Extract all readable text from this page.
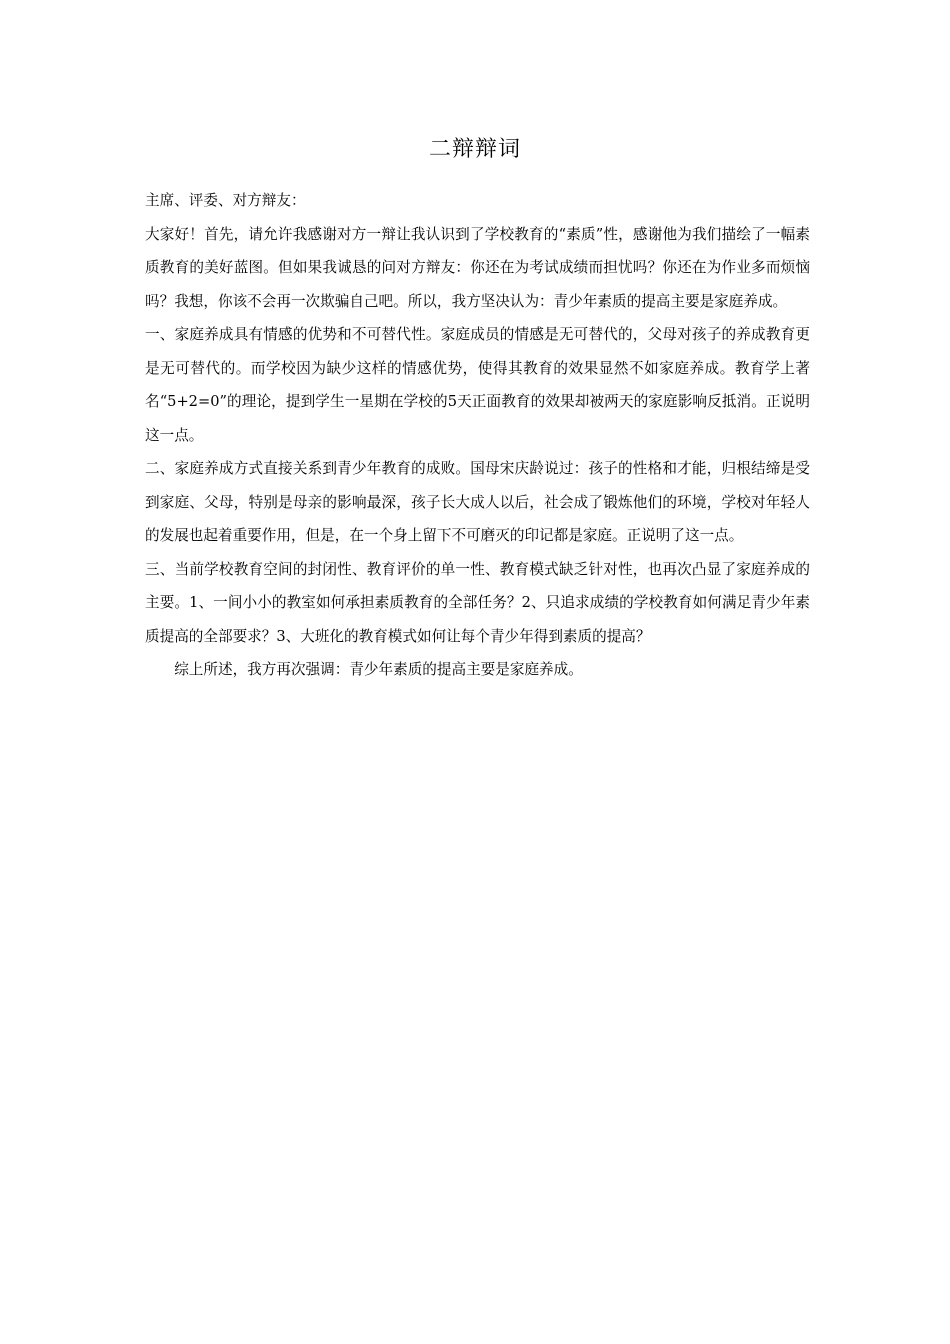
二辩辩词

主席、评委、对方辩友：

大家好！首先，请允许我感谢对方一辩让我认识到了学校教育的“素质”性，感谢他为我们描绘了一幅素质教育的美好蓝图。但如果我诚恳的问对方辩友：你还在为考试成绩而担忧吗？你还在为作业多而烦恼吗？我想，你该不会再一次欺骗自己吧。所以，我方坚决认为：青少年素质的提高主要是家庭养成。

一、家庭养成具有情感的优势和不可替代性。家庭成员的情感是无可替代的，父母对孩子的养成教育更是无可替代的。而学校因为缺少这样的情感优势，使得其教育的效果显然不如家庭养成。教育学上著名“5+2=0”的理论，提到学生一星期在学校的5天正面教育的效果却被两天的家庭影响反抵消。正说明这一点。

二、家庭养成方式直接关系到青少年教育的成败。国母宋庆龄说过：孩子的性格和才能，归根结缔是受到家庭、父母，特别是母亲的影响最深，孩子长大成人以后，社会成了锻炼他们的环境，学校对年轻人的发展也起着重要作用，但是，在一个身上留下不可磨灭的印记都是家庭。正说明了这一点。

三、当前学校教育空间的封闭性、教育评价的单一性、教育模式缺乏针对性，也再次凸显了家庭养成的主要。1、一间小小的教室如何承担素质教育的全部任务？2、只追求成绩的学校教育如何满足青少年素质提高的全部要求？3、大班化的教育模式如何让每个青少年得到素质的提高？

综上所述，我方再次强调：青少年素质的提高主要是家庭养成。
